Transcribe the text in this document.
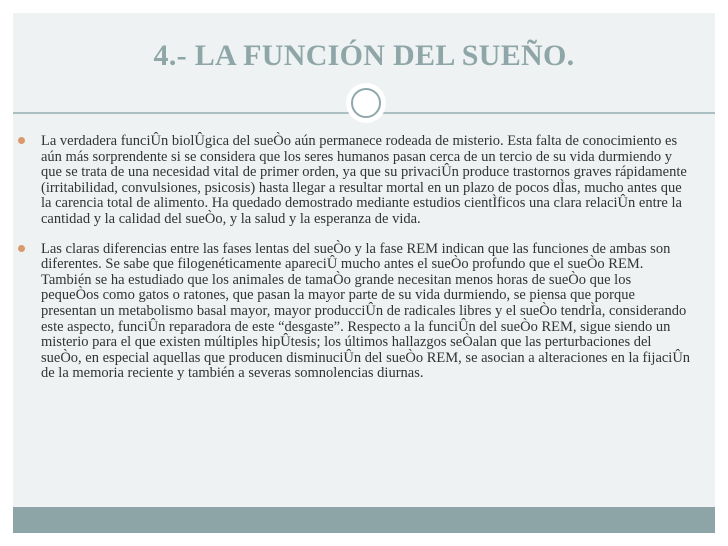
4.- LA FUNCIÓN DEL SUEÑO.
La verdadera funciÛn biolÛgica del sueÒo aún permanece rodeada de misterio. Esta falta de conocimiento es aún más sorprendente si se considera que los seres humanos pasan cerca de un tercio de su vida durmiendo y que se trata de una necesidad vital de primer orden, ya que su privaciÛn produce trastornos graves rápidamente (irritabilidad, convulsiones, psicosis) hasta llegar a resultar mortal en un plazo de pocos dÌas, mucho antes que la carencia total de alimento. Ha quedado demostrado mediante estudios cientÌficos una clara relaciÛn entre la cantidad y la calidad del sueÒo, y la salud y la esperanza de vida.
Las claras diferencias entre las fases lentas del sueÒo y la fase REM indican que las funciones de ambas son diferentes. Se sabe que filogenéticamente apareciÛ mucho antes el sueÒo profundo que el sueÒo REM. También se ha estudiado que los animales de tamaÒo grande necesitan menos horas de sueÒo que los pequeÒos como gatos o ratones, que pasan la mayor parte de su vida durmiendo, se piensa que porque presentan un metabolismo basal mayor, mayor producciÛn de radicales libres y el sueÒo tendrÌa, considerando este aspecto, funciÛn reparadora de este “desgaste”. Respecto a la funciÛn del sueÒo REM, sigue siendo un misterio para el que existen múltiples hipÛtesis; los últimos hallazgos seÒalan que las perturbaciones del sueÒo, en especial aquellas que producen disminuciÛn del sueÒo REM, se asocian a alteraciones en la fijaciÛn de la memoria reciente y también a severas somnolencias diurnas.
